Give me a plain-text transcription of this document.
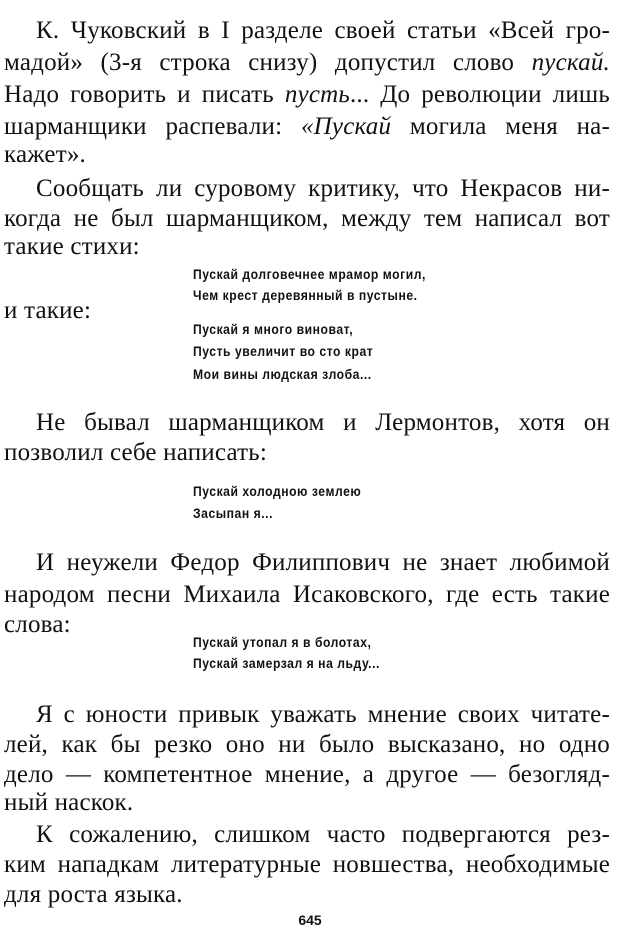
К. Чуковский в I разделе своей статьи «Всей гро-
мадой» (3-я строка снизу) допустил слово пускай.
Надо говорить и писать пусть... До революции лишь
шарманщики распевали: «Пускай могила меня на-
кажет».
Сообщать ли суровому критику, что Некрасов ни-
когда не был шарманщиком, между тем написал вот
такие стихи:
Пускай долговечнее мрамор могил,
Чем крест деревянный в пустыне.
и такие:
Пускай я много виноват,
Пусть увеличит во сто крат
Мои вины людская злоба...
Не бывал шарманщиком и Лермонтов, хотя он
позволил себе написать:
Пускай холодною землею
Засыпан я...
И неужели Федор Филиппович не знает любимой
народом песни Михаила Исаковского, где есть такие
слова:
Пускай утопал я в болотах,
Пускай замерзал я на льду...
Я с юности привык уважать мнение своих читате-
лей, как бы резко оно ни было высказано, но одно
дело — компетентное мнение, а другое — безогляд-
ный наскок.
К сожалению, слишком часто подвергаются рез-
ким нападкам литературные новшества, необходимые
для роста языка.
645
